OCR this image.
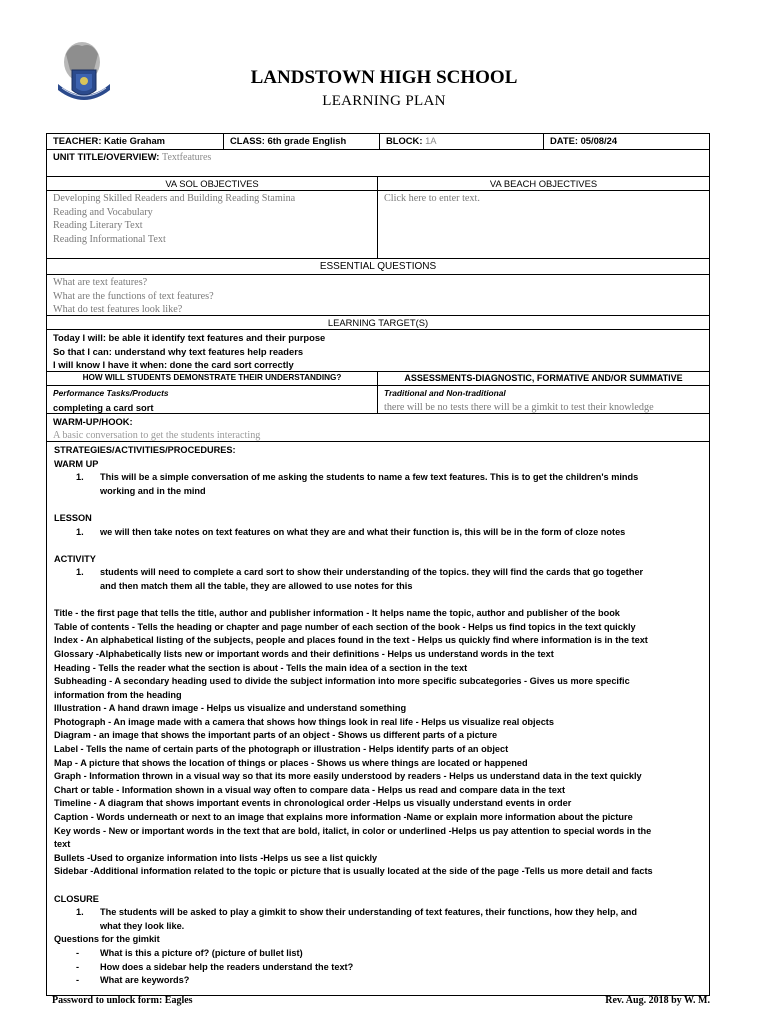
LANDSTOWN HIGH SCHOOL
LEARNING PLAN
TEACHER: Katie Graham	CLASS: 6th grade English	BLOCK: 1A	DATE: 05/08/24
UNIT TITLE/OVERVIEW: Textfeatures
VA SOL OBJECTIVES	VA BEACH OBJECTIVES
Developing Skilled Readers and Building Reading Stamina
Reading and Vocabulary
Reading Literary Text
Reading Informational Text
Click here to enter text.
ESSENTIAL QUESTIONS
What are text features?
What are the functions of text features?
What do test features look like?
LEARNING TARGET(S)
Today I will: be able it identify text features and their purpose
So that I can: understand why text features help readers
I will know I have it when: done the card sort correctly
HOW WILL STUDENTS DEMONSTRATE THEIR UNDERSTANDING?	ASSESSMENTS-DIAGNOSTIC, FORMATIVE AND/OR SUMMATIVE
Performance Tasks/Products
completing a card sort
Traditional and Non-traditional
there will be no tests there will be a gimkit to test their knowledge
WARM-UP/HOOK:
A basic conversation to get the students interacting
STRATEGIES/ACTIVITIES/PROCEDURES:
WARM UP
1.	This will be a simple conversation of me asking the students to name a few text features. This is to get the children's minds
working and in the mind
LESSON
1.	we will then take notes on text features on what they are and what their function is, this will be in the form of cloze notes
ACTIVITY
1.	students will need to complete a card sort to show their understanding of the topics. they will find the cards that go together
and then match them all the table, they are allowed to use notes for this
Title - the first page that tells the title, author and publisher information - It helps name the topic, author and publisher of the book
Table of contents - Tells the heading or chapter and page number of each section of the book - Helps us find topics in the text quickly
Index - An alphabetical listing of the subjects, people and places found in the text - Helps us quickly find where information is in the text
Glossary -Alphabetically lists new or important words and their definitions - Helps us understand words in the text
Heading - Tells the reader what the section is about - Tells the main idea of a section in the text
Subheading - A secondary heading used to divide the subject information into more specific subcategories - Gives us more specific
information from the heading
Illustration - A hand drawn image - Helps us visualize and understand something
Photograph - An image made with a camera that shows how things look in real life - Helps us visualize real objects
Diagram - an image that shows the important parts of an object - Shows us different parts of a picture
Label - Tells the name of certain parts of the photograph or illustration - Helps identify parts of an object
Map - A picture that shows the location of things or places - Shows us where things are located or happened
Graph - Information thrown in a visual way so that its more easily understood by readers - Helps us understand data in the text quickly
Chart or table - Information shown in a visual way often to compare data - Helps us read and compare data in the text
Timeline - A diagram that shows important events in chronological order -Helps us visually understand events in order
Caption - Words underneath or next to an image that explains more information -Name or explain more information about the picture
Key words - New or important words in the text that are bold, italict, in color or underlined -Helps us pay attention to special words in the
text
Bullets -Used to organize information into lists -Helps us see a list quickly
Sidebar -Additional information related to the topic or picture that is usually located at the side of the page -Tells us more detail and facts
CLOSURE
1.	The students will be asked to play a gimkit to show their understanding of text features, their functions, how they help, and
what they look like.
Questions for the gimkit
-	What is this a picture of? (picture of bullet list)
-	How does a sidebar help the readers understand the text?
-	What are keywords?
Password to unlock form: Eagles	Rev. Aug. 2018 by W. M.
